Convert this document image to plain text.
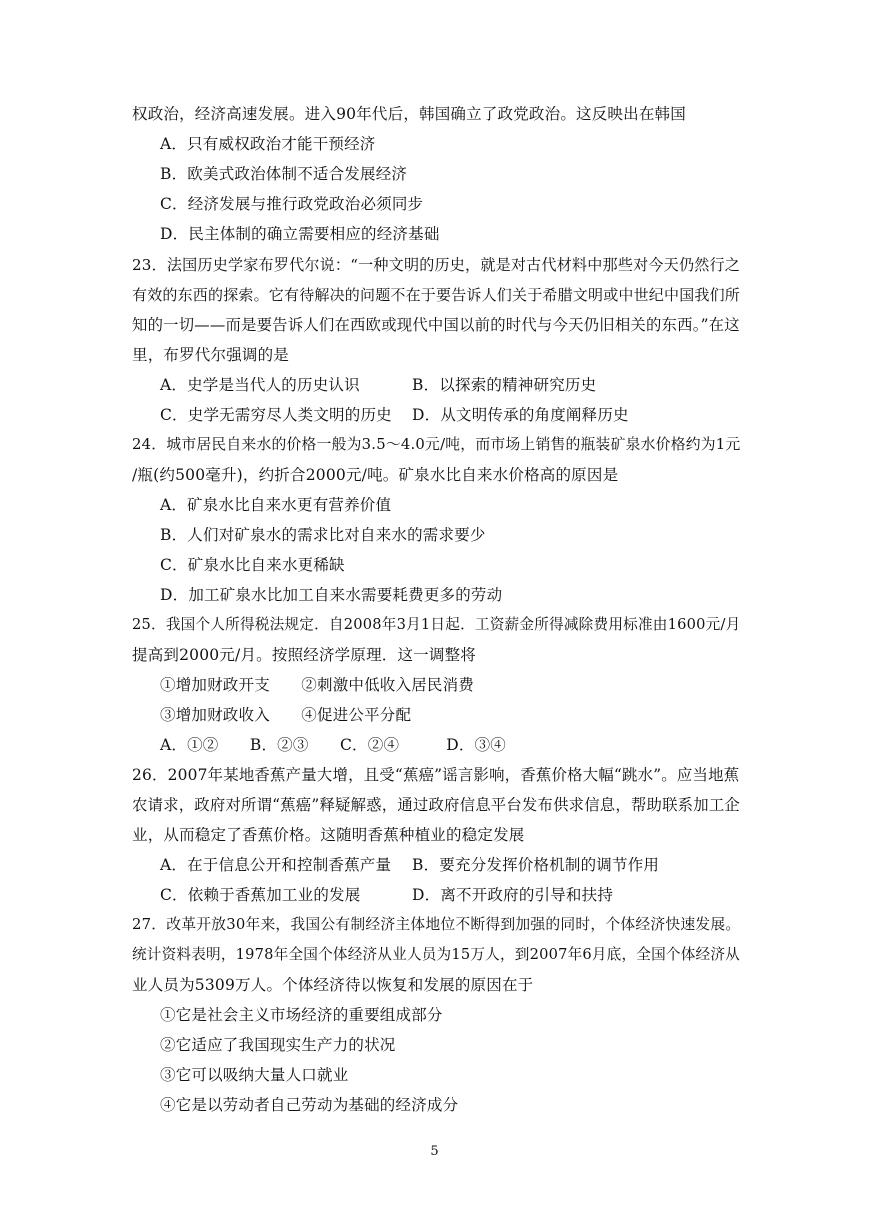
权政治，经济高速发展。进入90年代后，韩国确立了政党政治。这反映出在韩国
A．只有威权政治才能干预经济
B．欧美式政治体制不适合发展经济
C．经济发展与推行政党政治必须同步
D．民主体制的确立需要相应的经济基础
23．法国历史学家布罗代尔说：“一种文明的历史，就是对古代材料中那些对今天仍然行之
有效的东西的探索。它有待解决的问题不在于要告诉人们关于希腊文明或中世纪中国我们所
知的一切——而是要告诉人们在西欧或现代中国以前的时代与今天仍旧相关的东西。”在这
里，布罗代尔强调的是
A．史学是当代人的历史认识	B．以探索的精神研究历史
C．史学无需穷尽人类文明的历史 D．从文明传承的角度阐释历史
24．城市居民自来水的价格一般为3.5～4.0元/吨，而市场上销售的瓶装矿泉水价格约为1元
/瓶(约500毫升)，约折合2000元/吨。矿泉水比自来水价格高的原因是
A．矿泉水比自来水更有营养价值
B．人们对矿泉水的需求比对自来水的需求要少
C．矿泉水比自来水更稀缺
D．加工矿泉水比加工自来水需要耗费更多的劳动
25．我国个人所得税法规定．自2008年3月1日起．工资薪金所得减除费用标准由1600元/月
提高到2000元/月。按照经济学原理．这一调整将
①增加财政开支　　②刺激中低收入居民消费
③增加财政收入　　④促进公平分配
A．①②　　B．②③　　C．②④　　　D．③④
26．2007年某地香蕉产量大增，且受“蕉癌”谣言影响，香蕉价格大幅“跳水”。应当地蕉
农请求，政府对所谓“蕉癌”释疑解惑，通过政府信息平台发布供求信息，帮助联系加工企
业，从而稳定了香蕉价格。这随明香蕉种植业的稳定发展
A．在于信息公开和控制香蕉产量 B．要充分发挥价格机制的调节作用
C．依赖于香蕉加工业的发展	D．离不开政府的引导和扶持
27．改革开放30年来，我国公有制经济主体地位不断得到加强的同时，个体经济快速发展。
统计资料表明，1978年全国个体经济从业人员为15万人，到2007年6月底，全国个体经济从
业人员为5309万人。个体经济待以恢复和发展的原因在于
①它是社会主义市场经济的重要组成部分
②它适应了我国现实生产力的状况
③它可以吸纳大量人口就业
④它是以劳动者自己劳动为基础的经济成分
5
